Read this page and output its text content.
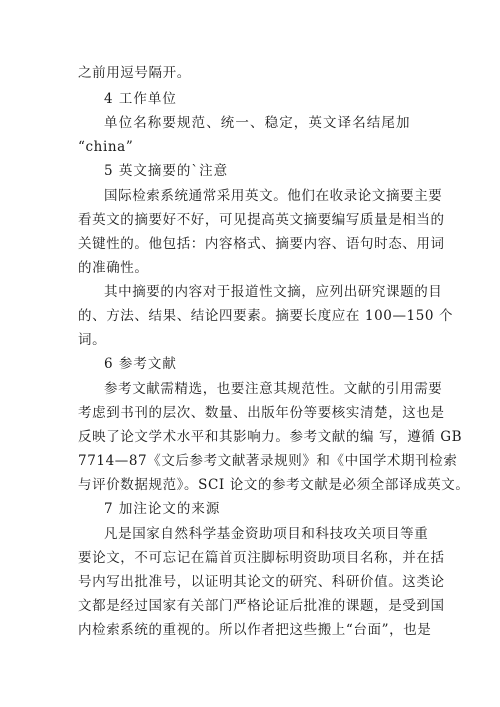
之前用逗号隔开。
4 工作单位
单位名称要规范、统一、稳定，英文译名结尾加
“china”
5 英文摘要的`注意
国际检索系统通常采用英文。他们在收录论文摘要主要
看英文的摘要好不好，可见提高英文摘要编写质量是相当的
关键性的。他包括：内容格式、摘要内容、语句时态、用词
的准确性。
其中摘要的内容对于报道性文摘，应列出研究课题的目
的、方法、结果、结论四要素。摘要长度应在 100—150 个
词。
6 参考文献
参考文献需精选，也要注意其规范性。文献的引用需要
考虑到书刊的层次、数量、出版年份等要核实清楚，这也是
反映了论文学术水平和其影响力。参考文献的编 写，遵循 GB
7714—87《文后参考文献著录规则》和《中国学术期刊检索
与评价数据规范》。SCI 论文的参考文献是必须全部译成英文。
7 加注论文的来源
凡是国家自然科学基金资助项目和科技攻关项目等重
要论文，不可忘记在篇首页注脚标明资助项目名称，并在括
号内写出批准号，以证明其论文的研究、科研价值。这类论
文都是经过国家有关部门严格论证后批准的课题，是受到国
内检索系统的重视的。所以作者把这些搬上“台面”，也是
